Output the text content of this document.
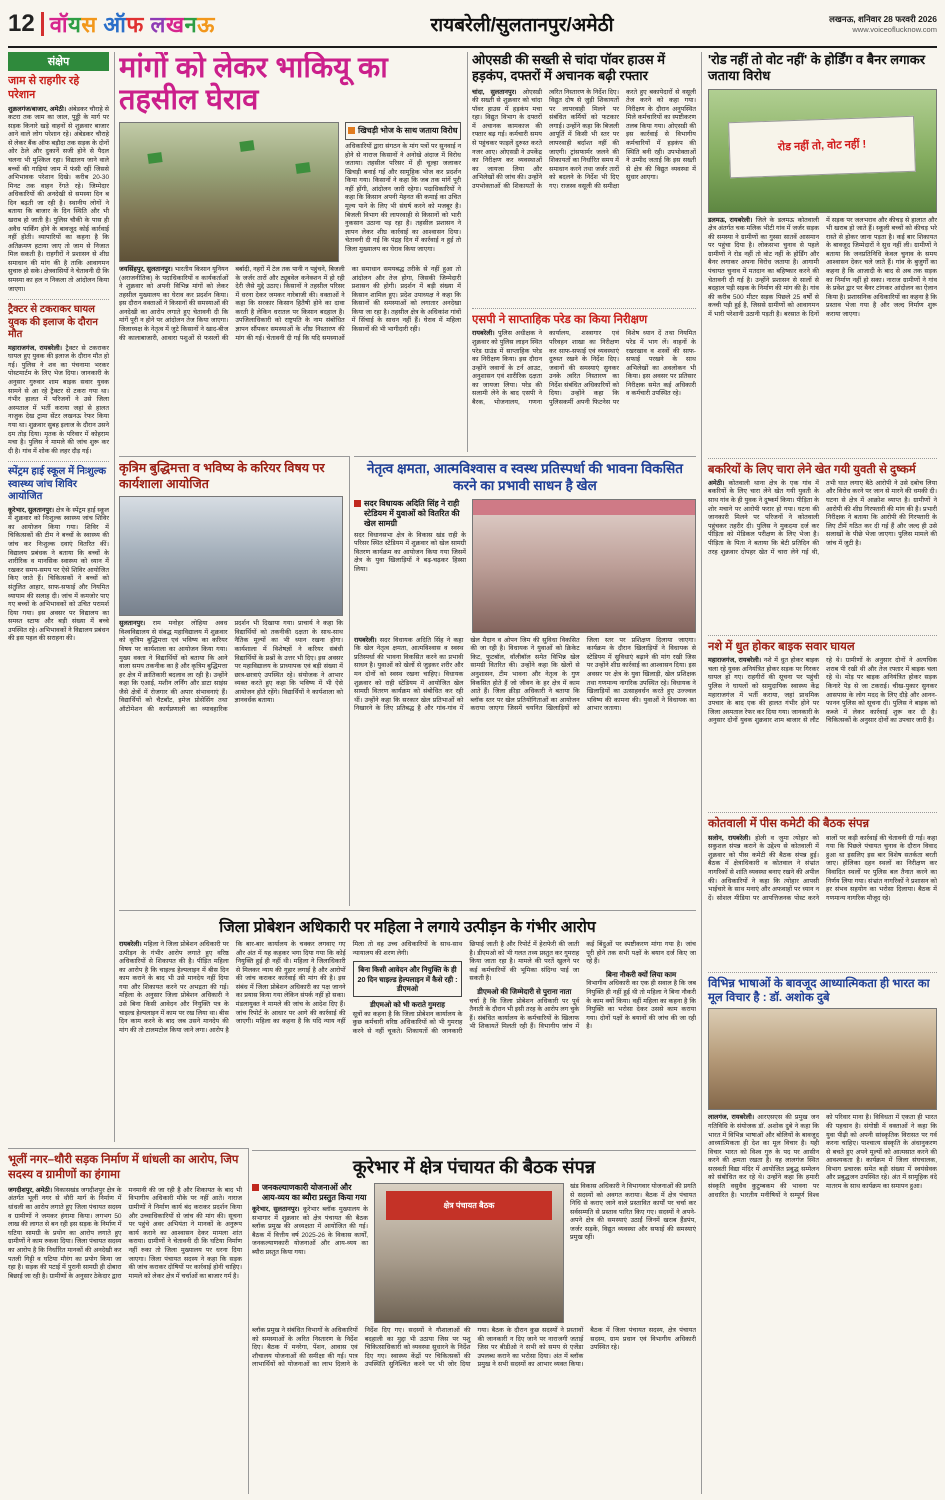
12 वॉयस ऑफ लखनऊ	रायबरेली/सुलतानपुर/अमेठी	लखनऊ, शनिवार 28 फरवरी 2026
www.voiceoflucknow.com
संक्षेप
जाम से राहगीर रहे परेशान

शुक्रलगंज/बाजार, अमेठी। अंबेडकर चौराहे से कटरा तक जाम का जाल, पुड्डी के मार्ग पर सड़क किनारे खड़े वाहनों से शुक्रवार बाजार आने वाले लोग परेशान रहे। अंबेडकर चौराहे से लेकर बैंक ऑफ बड़ौदा तक सड़क के दोनों ओर ठेले और दुकानें सजी होने से पैदल चलना भी मुश्किल रहा। विद्यालय जाने वाले बच्चों की गाड़ियां जाम में फंसी रहीं जिससे अभिभावक परेशान दिखे। करीब 20-30 मिनट तक वाहन रेंगते रहे। जिम्मेदार अधिकारियों की अनदेखी से समस्या दिन ब दिन बढ़ती जा रही है। स्थानीय लोगों ने बताया कि बाजार के दिन स्थिति और भी खराब हो जाती है। पुलिस चौकी के पास ही अवैध पार्किंग होने के बावजूद कोई कार्रवाई नहीं होती। व्यापारियों का कहना है कि अतिक्रमण हटाया जाए तो जाम से निजात मिल सकती है। राहगीरों ने प्रशासन से शीघ्र समाधान की मांग की है ताकि आवागमन सुचारु हो सके। क्षेत्रवासियों ने चेतावनी दी कि समस्या का हल न निकला तो आंदोलन किया जाएगा।

ट्रैक्टर से टकराकर घायल युवक की इलाज के दौरान मौत

महाराजगंज, रायबरेली। ट्रैक्टर से टकराकर घायल हुए युवक की इलाज के दौरान मौत हो गई। पुलिस ने शव का पंचनामा भरकर पोस्टमार्टम के लिए भेज दिया। जानकारी के अनुसार गुरुवार शाम बाइक सवार युवक सामने से आ रहे ट्रैक्टर से टकरा गया था। गंभीर हालत में परिजनों ने उसे जिला अस्पताल में भर्ती कराया जहां से हालत नाजुक देख ट्रामा सेंटर लखनऊ रेफर किया गया था। शुक्रवार सुबह इलाज के दौरान उसने दम तोड़ दिया। मृतक के परिवार में कोहराम मचा है। पुलिस ने मामले की जांच शुरू कर दी है। गांव में शोक की लहर दौड़ गई।

स्पेंट्रम हाई स्कूल में निःशुल्क स्वास्थ्य जांच शिविर आयोजित

कूरेभार, सुलतानपुर। क्षेत्र के स्पेंट्रम हाई स्कूल में शुक्रवार को निःशुल्क स्वास्थ्य जांच शिविर का आयोजन किया गया। शिविर में चिकित्सकों की टीम ने बच्चों के स्वास्थ्य की जांच कर निःशुल्क दवाएं वितरित कीं। विद्यालय प्रबंधक ने बताया कि बच्चों के शारीरिक व मानसिक स्वास्थ्य को ध्यान में रखकर समय-समय पर ऐसे शिविर आयोजित किए जाते हैं। चिकित्सकों ने बच्चों को संतुलित आहार, साफ-सफाई और नियमित व्यायाम की सलाह दी। जांच में कमजोर पाए गए बच्चों के अभिभावकों को उचित परामर्श दिया गया। इस अवसर पर विद्यालय का समस्त स्टाफ और बड़ी संख्या में बच्चे उपस्थित रहे। अभिभावकों ने विद्यालय प्रबंधन की इस पहल की सराहना की।

मांगों को लेकर भाकियू का तहसील घेराव
खिचड़ी भोज के साथ जताया विरोध

अधिकारियों द्वारा संगठन के मांग पत्रों पर सुनवाई न होने से नाराज किसानों ने अनोखे अंदाज में विरोध जताया। तहसील परिसर में ही चूल्हा जलाकर खिचड़ी बनाई गई और सामूहिक भोज कर प्रदर्शन किया गया। किसानों ने कहा कि जब तक मांगें पूरी नहीं होंगी, आंदोलन जारी रहेगा। पदाधिकारियों ने कहा कि किसान अपनी मेहनत की कमाई का उचित मूल्य पाने के लिए भी संघर्ष करने को मजबूर है। बिजली विभाग की लापरवाही से किसानों को भारी नुकसान उठाना पड़ रहा है। तहसील प्रशासन ने ज्ञापन लेकर शीघ्र कार्रवाई का आश्वासन दिया। चेतावनी दी गई कि पंद्रह दिन में कार्रवाई न हुई तो जिला मुख्यालय का घेराव किया जाएगा।

जयसिंहपुर, सुलतानपुर। भारतीय किसान यूनियन (अराजनीतिक) के पदाधिकारियों व कार्यकर्ताओं ने शुक्रवार को अपनी विभिन्न मांगों को लेकर तहसील मुख्यालय का घेराव कर प्रदर्शन किया। इस दौरान वक्ताओं ने किसानों की समस्याओं की अनदेखी का आरोप लगाते हुए चेतावनी दी कि मांगें पूरी न होने पर आंदोलन तेज किया जाएगा। जिलाध्यक्ष के नेतृत्व में जुटे किसानों ने खाद-बीज की कालाबाजारी, आवारा पशुओं से फसलों की बर्बादी, नहरों में टेल तक पानी न पहुंचने, बिजली के जर्जर तारों और ट्यूबवेल कनेक्शन में हो रही देरी जैसे मुद्दे उठाए। किसानों ने तहसील परिसर में धरना देकर जमकर नारेबाजी की। वक्ताओं ने कहा कि सरकार किसान हितैषी होने का दावा करती है लेकिन धरातल पर किसान बदहाल है। उपजिलाधिकारी को राष्ट्रपति के नाम संबोधित ज्ञापन सौंपकर समस्याओं के शीघ्र निस्तारण की मांग की गई। चेतावनी दी गई कि यदि समस्याओं का समाधान समयबद्ध तरीके से नहीं हुआ तो आंदोलन और तेज होगा, जिसकी जिम्मेदारी प्रशासन की होगी। प्रदर्शन में बड़ी संख्या में किसान शामिल हुए। प्रदेश उपाध्यक्ष ने कहा कि किसानों की समस्याओं को लगातार अनदेखा किया जा रहा है। तहसील क्षेत्र के अधिकांश गांवों में सिंचाई के साधन नहीं हैं। घेराव में महिला किसानों की भी भागीदारी रही।
कृत्रिम बुद्धिमत्ता व भविष्य के करियर विषय पर कार्यशाला आयोजित
सुलतानपुर। राम मनोहर लोहिया अवध विश्वविद्यालय से संबद्ध महाविद्यालय में शुक्रवार को कृत्रिम बुद्धिमत्ता एवं भविष्य का करियर विषय पर कार्यशाला का आयोजन किया गया। मुख्य वक्ता ने विद्यार्थियों को बताया कि आने वाला समय तकनीक का है और कृत्रिम बुद्धिमत्ता हर क्षेत्र में क्रांतिकारी बदलाव ला रही है। उन्होंने कहा कि एआई, मशीन लर्निंग और डाटा साइंस जैसे क्षेत्रों में रोजगार की अपार संभावनाएं हैं। विद्यार्थियों को चैटबॉट, इमेज प्रोसेसिंग तथा ऑटोमेशन की कार्यप्रणाली का व्यावहारिक प्रदर्शन भी दिखाया गया। प्राचार्य ने कहा कि विद्यार्थियों को तकनीकी दक्षता के साथ-साथ नैतिक मूल्यों का भी ध्यान रखना होगा। कार्यशाला में विशेषज्ञों ने करियर संबंधी विद्यार्थियों के प्रश्नों के उत्तर भी दिए। इस अवसर पर महाविद्यालय के प्राध्यापक एवं बड़ी संख्या में छात्र-छात्राएं उपस्थित रहे। संयोजक ने आभार व्यक्त करते हुए कहा कि भविष्य में भी ऐसे आयोजन होते रहेंगे। विद्यार्थियों ने कार्यशाला को ज्ञानवर्धक बताया।
नेतृत्व क्षमता, आत्मविश्वास व स्वस्थ प्रतिस्पर्धा की भावना विकसित करने का प्रभावी साधन है खेल
सदर विधायक अदिति सिंह ने राही स्टेडियम में युवाओं को वितरित की खेल सामग्री

सदर विधानसभा क्षेत्र के विकास खंड राही के परिसर स्थित स्टेडियम में शुक्रवार को खेल सामग्री वितरण कार्यक्रम का आयोजन किया गया जिसमें क्षेत्र के युवा खिलाड़ियों ने बढ़-चढ़कर हिस्सा लिया।

रायबरेली। सदर विधायक अदिति सिंह ने कहा कि खेल नेतृत्व क्षमता, आत्मविश्वास व स्वस्थ प्रतिस्पर्धा की भावना विकसित करने का प्रभावी साधन है। युवाओं को खेलों से जुड़कर शरीर और मन दोनों को स्वस्थ रखना चाहिए। विधायक शुक्रवार को राही स्टेडियम में आयोजित खेल सामग्री वितरण कार्यक्रम को संबोधित कर रही थीं। उन्होंने कहा कि सरकार खेल प्रतिभाओं को निखारने के लिए प्रतिबद्ध है और गांव-गांव में खेल मैदान व ओपन जिम की सुविधा विकसित की जा रही है। विधायक ने युवाओं को क्रिकेट किट, फुटबॉल, वॉलीबॉल समेत विभिन्न खेल सामग्री वितरित की। उन्होंने कहा कि खेलों से अनुशासन, टीम भावना और नेतृत्व के गुण विकसित होते हैं जो जीवन के हर क्षेत्र में काम आते हैं। जिला क्रीड़ा अधिकारी ने बताया कि ब्लॉक स्तर पर खेल प्रतियोगिताओं का आयोजन कराया जाएगा जिसमें चयनित खिलाड़ियों को जिला स्तर पर प्रशिक्षण दिलाया जाएगा। कार्यक्रम के दौरान खिलाड़ियों ने विधायक से स्टेडियम में सुविधाएं बढ़ाने की मांग रखी जिस पर उन्होंने शीघ्र कार्रवाई का आश्वासन दिया। इस अवसर पर क्षेत्र के युवा खिलाड़ी, खेल प्रशिक्षक तथा गणमान्य नागरिक उपस्थित रहे। विधायक ने खिलाड़ियों का उत्साहवर्धन करते हुए उज्ज्वल भविष्य की कामना की। युवाओं ने विधायक का आभार जताया।
ओएसडी की सख्ती से चांदा पॉवर हाउस में हड़कंप, दफ्तरों में अचानक बढ़ी रफ्तार
चांदा, सुलतानपुर। ओएसडी की सख्ती से शुक्रवार को चांदा पॉवर हाउस में हड़कंप मचा रहा। विद्युत विभाग के दफ्तरों में अचानक कामकाज की रफ्तार बढ़ गई। कर्मचारी समय से पहुंचकर फाइलें दुरुस्त करते नजर आए। ओएसडी ने उपकेंद्र का निरीक्षण कर व्यवस्थाओं का जायजा लिया और अभिलेखों की जांच की। उन्होंने उपभोक्ताओं की शिकायतों के त्वरित निस्तारण के निर्देश दिए। विद्युत दोष से जुड़ी शिकायतों पर लापरवाही मिलने पर संबंधित कर्मियों को फटकार लगाई। उन्होंने कहा कि बिजली आपूर्ति में किसी भी स्तर पर लापरवाही बर्दाश्त नहीं की जाएगी। ट्रांसफार्मर जलने की शिकायतों का निर्धारित समय में समाधान करने तथा जर्जर तारों को बदलने के निर्देश भी दिए गए। राजस्व वसूली की समीक्षा करते हुए बकायेदारों से वसूली तेज करने को कहा गया। निरीक्षण के दौरान अनुपस्थित मिले कर्मचारियों का स्पष्टीकरण तलब किया गया। ओएसडी की इस कार्रवाई से विभागीय कर्मचारियों में हड़कंप की स्थिति बनी रही। उपभोक्ताओं ने उम्मीद जताई कि इस सख्ती से क्षेत्र की विद्युत व्यवस्था में सुधार आएगा।
एसपी ने साप्ताहिक परेड का किया निरीक्षण
रायबरेली। पुलिस अधीक्षक ने शुक्रवार को पुलिस लाइन स्थित परेड ग्राउंड में साप्ताहिक परेड का निरीक्षण किया। इस दौरान उन्होंने जवानों के टर्न आउट, अनुशासन एवं शारीरिक दक्षता का जायजा लिया। परेड की सलामी लेने के बाद एसपी ने बैरक, भोजनालय, गणना कार्यालय, शस्त्रागार एवं परिवहन शाखा का निरीक्षण कर साफ-सफाई एवं व्यवस्थाएं दुरुस्त रखने के निर्देश दिए। जवानों की समस्याएं सुनकर उनके त्वरित निस्तारण का निर्देश संबंधित अधिकारियों को दिया। उन्होंने कहा कि पुलिसकर्मी अपनी फिटनेस पर विशेष ध्यान दें तथा नियमित परेड में भाग लें। वाहनों के रखरखाव व शस्त्रों की साफ-सफाई परखने के साथ अभिलेखों का अवलोकन भी किया। इस अवसर पर प्रतिसार निरीक्षक समेत कई अधिकारी व कर्मचारी उपस्थित रहे।
जिला प्रोबेशन अधिकारी पर महिला ने लगाये उत्पीड़न के गंभीर आरोप

रायबरेली। महिला ने जिला प्रोबेशन अधिकारी पर उत्पीड़न के गंभीर आरोप लगाते हुए वरिष्ठ अधिकारियों से शिकायत की है। पीड़ित महिला का आरोप है कि चाइल्ड हेल्पलाइन में बीस दिन काम कराने के बाद भी उसे मानदेय नहीं दिया गया और शिकायत करने पर अभद्रता की गई। महिला के अनुसार जिला प्रोबेशन अधिकारी ने उसे बिना किसी आवेदन और नियुक्ति पत्र के चाइल्ड हेल्पलाइन में काम पर रख लिया था। बीस दिन काम करने के बाद जब उसने मानदेय की मांग की तो टालमटोल किया जाने लगा। आरोप है कि बार-बार कार्यालय के चक्कर लगवाए गए और अंत में यह कहकर भगा दिया गया कि कोई नियुक्ति हुई ही नहीं थी। महिला ने जिलाधिकारी से मिलकर न्याय की गुहार लगाई है और आरोपों की जांच कराकर कार्रवाई की मांग की है। इस संबंध में जिला प्रोबेशन अधिकारी का पक्ष जानने का प्रयास किया गया लेकिन संपर्क नहीं हो सका। मंडलायुक्त ने मामले की जांच के आदेश दिए हैं। जांच रिपोर्ट के आधार पर आगे की कार्रवाई की जाएगी। महिला का कहना है कि यदि न्याय नहीं मिला तो वह उच्च अधिकारियों के साथ-साथ न्यायालय की शरण लेगी।

बिना किसी आवेदन और नियुक्ति के ही 20 दिन चाइल्ड हेल्पलाइन में कैसे रही : डीएमओ
डीएमओ को भी कराते गुमराह

सूत्रों का कहना है कि जिला प्रोबेशन कार्यालय के कुछ कर्मचारी वरिष्ठ अधिकारियों को भी गुमराह करने से नहीं चूकते। शिकायतों की जानकारी छिपाई जाती है और रिपोर्ट में हेराफेरी की जाती है। डीएमओ को भी गलत तथ्य प्रस्तुत कर गुमराह किया जाता रहा है। मामले की परतें खुलने पर कई कर्मचारियों की भूमिका संदिग्ध पाई जा सकती है।

डीएमओ की जिम्मेदारी से पुराना नाता

चर्चा है कि जिला प्रोबेशन अधिकारी पर पूर्व तैनाती के दौरान भी इसी तरह के आरोप लग चुके हैं। संबंधित कार्यालय के कर्मचारियों के खिलाफ भी शिकायतें मिलती रही हैं। विभागीय जांच में कई बिंदुओं पर स्पष्टीकरण मांगा गया है। जांच पूरी होने तक सभी पक्षों के बयान दर्ज किए जा रहे हैं।

बिना नौकरी क्यों लिया काम

विभागीय अधिकारी का एक ही सवाल है कि जब नियुक्ति ही नहीं हुई थी तो महिला ने बिना नौकरी के काम क्यों किया। वहीं महिला का कहना है कि नियुक्ति का भरोसा देकर उससे काम कराया गया। दोनों पक्षों के बयानों की जांच की जा रही है।

भूलीं नगर–थौरी सड़क निर्माण में धांधली का आरोप, जिप सदस्य व ग्रामीणों का हंगामा
जगदीशपुर, अमेठी। विकासखंड जगदीशपुर क्षेत्र के अंतर्गत भूलीं नगर से थौरी मार्ग के निर्माण में धांधली का आरोप लगाते हुए जिला पंचायत सदस्य व ग्रामीणों ने जमकर हंगामा किया। लगभग 50 लाख की लागत से बन रही इस सड़क के निर्माण में घटिया सामग्री के प्रयोग का आरोप लगाते हुए ग्रामीणों ने काम रुकवा दिया। जिला पंचायत सदस्य का आरोप है कि निर्धारित मानकों की अनदेखी कर पतली गिट्टी व घटिया मौरंग का प्रयोग किया जा रहा है। सड़क की पटाई में पुरानी सामग्री ही दोबारा बिछाई जा रही है। ग्रामीणों के अनुसार ठेकेदार द्वारा मनमानी की जा रही है और शिकायत के बाद भी विभागीय अधिकारी मौके पर नहीं आते। नाराज ग्रामीणों ने निर्माण कार्य बंद कराकर प्रदर्शन किया और उच्चाधिकारियों से जांच की मांग की। सूचना पर पहुंचे अवर अभियंता ने मानकों के अनुरूप कार्य कराने का आश्वासन देकर मामला शांत कराया। ग्रामीणों ने चेतावनी दी कि घटिया निर्माण नहीं रुका तो जिला मुख्यालय पर धरना दिया जाएगा। जिला पंचायत सदस्य ने कहा कि सड़क की जांच कराकर दोषियों पर कार्रवाई होनी चाहिए। मामले को लेकर क्षेत्र में चर्चाओं का बाजार गर्म है।
कूरेभार में क्षेत्र पंचायत की बैठक संपन्न
जनकल्याणकारी योजनाओं और आय-व्यय का ब्यौरा प्रस्तुत किया गया

कूरेभार, सुलतानपुर। कूरेभार ब्लॉक मुख्यालय के सभागार में शुक्रवार को क्षेत्र पंचायत की बैठक ब्लॉक प्रमुख की अध्यक्षता में आयोजित की गई। बैठक में वित्तीय वर्ष 2025-26 के विकास कार्यों, जनकल्याणकारी योजनाओं और आय-व्यय का ब्यौरा प्रस्तुत किया गया।

क्षेत्र पंचायत बैठक

खंड विकास अधिकारी ने विभागवार योजनाओं की प्रगति से सदस्यों को अवगत कराया। बैठक में क्षेत्र पंचायत निधि से कराए जाने वाले प्रस्तावित कार्यों पर चर्चा कर सर्वसम्मति से प्रस्ताव पारित किए गए। सदस्यों ने अपने-अपने क्षेत्र की समस्याएं उठाईं जिनमें खराब हैंडपंप, जर्जर सड़कें, विद्युत व्यवस्था और सफाई की समस्याएं प्रमुख रहीं।

ब्लॉक प्रमुख ने संबंधित विभागों के अधिकारियों को समस्याओं के त्वरित निस्तारण के निर्देश दिए। बैठक में मनरेगा, पेंशन, आवास एवं शौचालय योजनाओं की समीक्षा की गई। पात्र लाभार्थियों को योजनाओं का लाभ दिलाने के निर्देश दिए गए। सदस्यों ने गौशालाओं की बदहाली का मुद्दा भी उठाया जिस पर पशु चिकित्साधिकारी को व्यवस्था सुधारने के निर्देश दिए गए। स्वास्थ्य केंद्रों पर चिकित्सकों की उपस्थिति सुनिश्चित करने पर भी जोर दिया गया। बैठक के दौरान कुछ सदस्यों ने प्रस्तावों की जानकारी न दिए जाने पर नाराजगी जताई जिस पर बीडीओ ने सभी को समय से एजेंडा उपलब्ध कराने का भरोसा दिया। अंत में ब्लॉक प्रमुख ने सभी सदस्यों का आभार व्यक्त किया। बैठक में जिला पंचायत सदस्य, क्षेत्र पंचायत सदस्य, ग्राम प्रधान एवं विभागीय अधिकारी उपस्थित रहे।
'रोड नहीं तो वोट नहीं' के होर्डिंग व बैनर लगाकर जताया विरोध
रोड नहीं तो, वोट नहीं !
डलमऊ, रायबरेली। जिले के डलमऊ कोतवाली क्षेत्र अंतर्गत चक मलिक भीटी गांव में जर्जर सड़क की समस्या ने ग्रामीणों का गुस्सा सातवें आसमान पर पहुंचा दिया है। लोकसभा चुनाव से पहले ग्रामीणों ने रोड नहीं तो वोट नहीं के होर्डिंग और बैनर लगाकर अपना विरोध जताया है। आगामी पंचायत चुनाव में मतदान का बहिष्कार करने की चेतावनी दी गई है। उन्होंने प्रशासन से सालों से बदहाल पड़ी सड़क के निर्माण की मांग की है। गांव की करीब 500 मीटर सड़क पिछले 25 वर्षों से कच्ची पड़ी हुई है, जिससे ग्रामीणों को आवागमन में भारी परेशानी उठानी पड़ती है। बरसात के दिनों में सड़क पर जलभराव और कीचड़ से हालात और भी खराब हो जाते हैं। स्कूली बच्चों को कीचड़ भरे रास्ते से होकर जाना पड़ता है। कई बार शिकायत के बावजूद जिम्मेदारों ने सुध नहीं ली। ग्रामीणों ने बताया कि जनप्रतिनिधि केवल चुनाव के समय आश्वासन देकर चले जाते हैं। गांव के बुजुर्गों का कहना है कि आजादी के बाद से अब तक सड़क का निर्माण नहीं हो सका। नाराज ग्रामीणों ने गांव के प्रवेश द्वार पर बैनर टांगकर आंदोलन का ऐलान किया है। प्रशासनिक अधिकारियों का कहना है कि प्रस्ताव भेजा गया है और जल्द निर्माण शुरू कराया जाएगा।
बकरियों के लिए चारा लेने खेत गयी युवती से दुष्कर्म
अमेठी। कोतवाली थाना क्षेत्र के एक गांव में बकरियों के लिए चारा लेने खेत गयी युवती के साथ गांव के ही युवक ने दुष्कर्म किया। पीड़िता के शोर मचाने पर आरोपी फरार हो गया। घटना की जानकारी मिलने पर परिजनों ने कोतवाली पहुंचकर तहरीर दी। पुलिस ने मुकदमा दर्ज कर पीड़िता को मेडिकल परीक्षण के लिए भेजा है। पीड़िता के पिता ने बताया कि बेटी प्रतिदिन की तरह शुक्रवार दोपहर खेत में चारा लेने गई थी, तभी घात लगाए बैठे आरोपी ने उसे दबोच लिया और विरोध करने पर जान से मारने की धमकी दी। घटना से क्षेत्र में आक्रोश व्याप्त है। ग्रामीणों ने आरोपी की शीघ्र गिरफ्तारी की मांग की है। प्रभारी निरीक्षक ने बताया कि आरोपी की गिरफ्तारी के लिए टीमें गठित कर दी गई हैं और जल्द ही उसे सलाखों के पीछे भेजा जाएगा। पुलिस मामले की जांच में जुटी है।
नशे में धुत होकर बाइक सवार घायल
महाराजगंज, रायबरेली। नशे में धुत होकर बाइक चला रहे युवक अनियंत्रित होकर सड़क पर गिरकर घायल हो गए। राहगीरों की सूचना पर पहुंची पुलिस ने घायलों को सामुदायिक स्वास्थ्य केंद्र महाराजगंज में भर्ती कराया, जहां प्राथमिक उपचार के बाद एक की हालत गंभीर होने पर जिला अस्पताल रेफर कर दिया गया। जानकारी के अनुसार दोनों युवक शुक्रवार शाम बाजार से लौट रहे थे। ग्रामीणों के अनुसार दोनों ने अत्यधिक शराब पी रखी थी और तेज रफ्तार में बाइक चला रहे थे। मोड़ पर बाइक अनियंत्रित होकर सड़क किनारे पेड़ से जा टकराई। चीख-पुकार सुनकर आसपास के लोग मदद के लिए दौड़े और आनन-फानन पुलिस को सूचना दी। पुलिस ने बाइक को कब्जे में लेकर कार्रवाई शुरू कर दी है। चिकित्सकों के अनुसार दोनों का उपचार जारी है।
कोतवाली में पीस कमेटी की बैठक संपन्न
सलोन, रायबरेली। होली व जुमा त्योहार को सकुशल संपन्न कराने के उद्देश्य से कोतवाली में शुक्रवार को पीस कमेटी की बैठक संपन्न हुई। बैठक में क्षेत्राधिकारी व कोतवाल ने संभ्रांत नागरिकों से शांति व्यवस्था बनाए रखने की अपील की। अधिकारियों ने कहा कि त्योहार आपसी भाईचारे के साथ मनाएं और अफवाहों पर ध्यान न दें। सोशल मीडिया पर आपत्तिजनक पोस्ट करने वालों पर कड़ी कार्रवाई की चेतावनी दी गई। कहा गया कि पिछले पंचायत चुनाव के दौरान विवाद हुआ था इसलिए इस बार विशेष सतर्कता बरती जाए। होलिका दहन स्थलों का निरीक्षण कर विवादित स्थलों पर पुलिस बल तैनात करने का निर्णय लिया गया। संभ्रांत नागरिकों ने प्रशासन को हर संभव सहयोग का भरोसा दिलाया। बैठक में गणमान्य नागरिक मौजूद रहे।
विभिन्न भाषाओं के बावजूद आध्यात्मिकता ही भारत का मूल विचार है : डॉ. अशोक दुबे
लालगंज, रायबरेली। आरएसएस की प्रमुख जन गतिविधि के संयोजक डॉ. अशोक दुबे ने कहा कि भारत में विभिन्न भाषाओं और बोलियों के बावजूद आध्यात्मिकता ही देश का मूल विचार है। यही विचार भारत को विश्व गुरु के पद पर आसीन करने की क्षमता रखता है। वह लालगंज स्थित सरस्वती विद्या मंदिर में आयोजित प्रबुद्ध सम्मेलन को संबोधित कर रहे थे। उन्होंने कहा कि हमारी संस्कृति वसुधैव कुटुम्बकम की भावना पर आधारित है। भारतीय मनीषियों ने सम्पूर्ण विश्व को परिवार माना है। विविधता में एकता ही भारत की पहचान है। संगोष्ठी में वक्ताओं ने कहा कि युवा पीढ़ी को अपनी सांस्कृतिक विरासत पर गर्व करना चाहिए। पाश्चात्य संस्कृति के अंधानुकरण से बचते हुए अपने मूल्यों को आत्मसात करने की आवश्यकता है। कार्यक्रम में जिला संघचालक, विभाग प्रचारक समेत बड़ी संख्या में स्वयंसेवक और प्रबुद्धजन उपस्थित रहे। अंत में सामूहिक वंदे मातरम के साथ कार्यक्रम का समापन हुआ।
